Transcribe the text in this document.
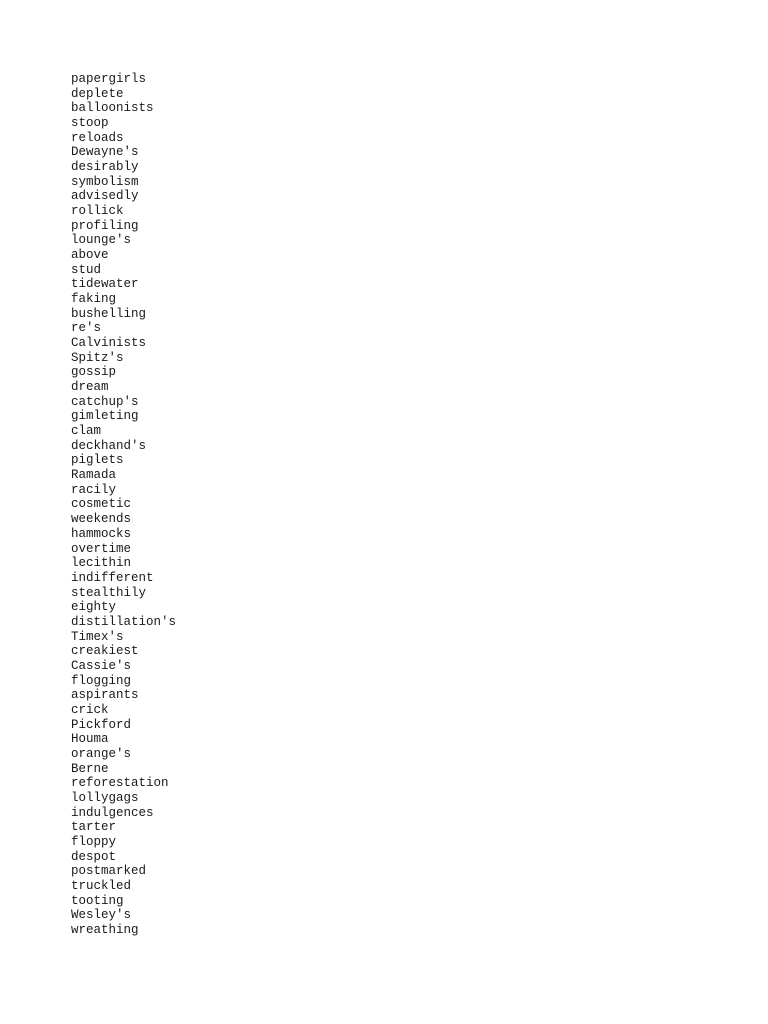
papergirls
deplete
balloonists
stoop
reloads
Dewayne's
desirably
symbolism
advisedly
rollick
profiling
lounge's
above
stud
tidewater
faking
bushelling
re's
Calvinists
Spitz's
gossip
dream
catchup's
gimleting
clam
deckhand's
piglets
Ramada
racily
cosmetic
weekends
hammocks
overtime
lecithin
indifferent
stealthily
eighty
distillation's
Timex's
creakiest
Cassie's
flogging
aspirants
crick
Pickford
Houma
orange's
Berne
reforestation
lollygags
indulgences
tarter
floppy
despot
postmarked
truckled
tooting
Wesley's
wreathing
